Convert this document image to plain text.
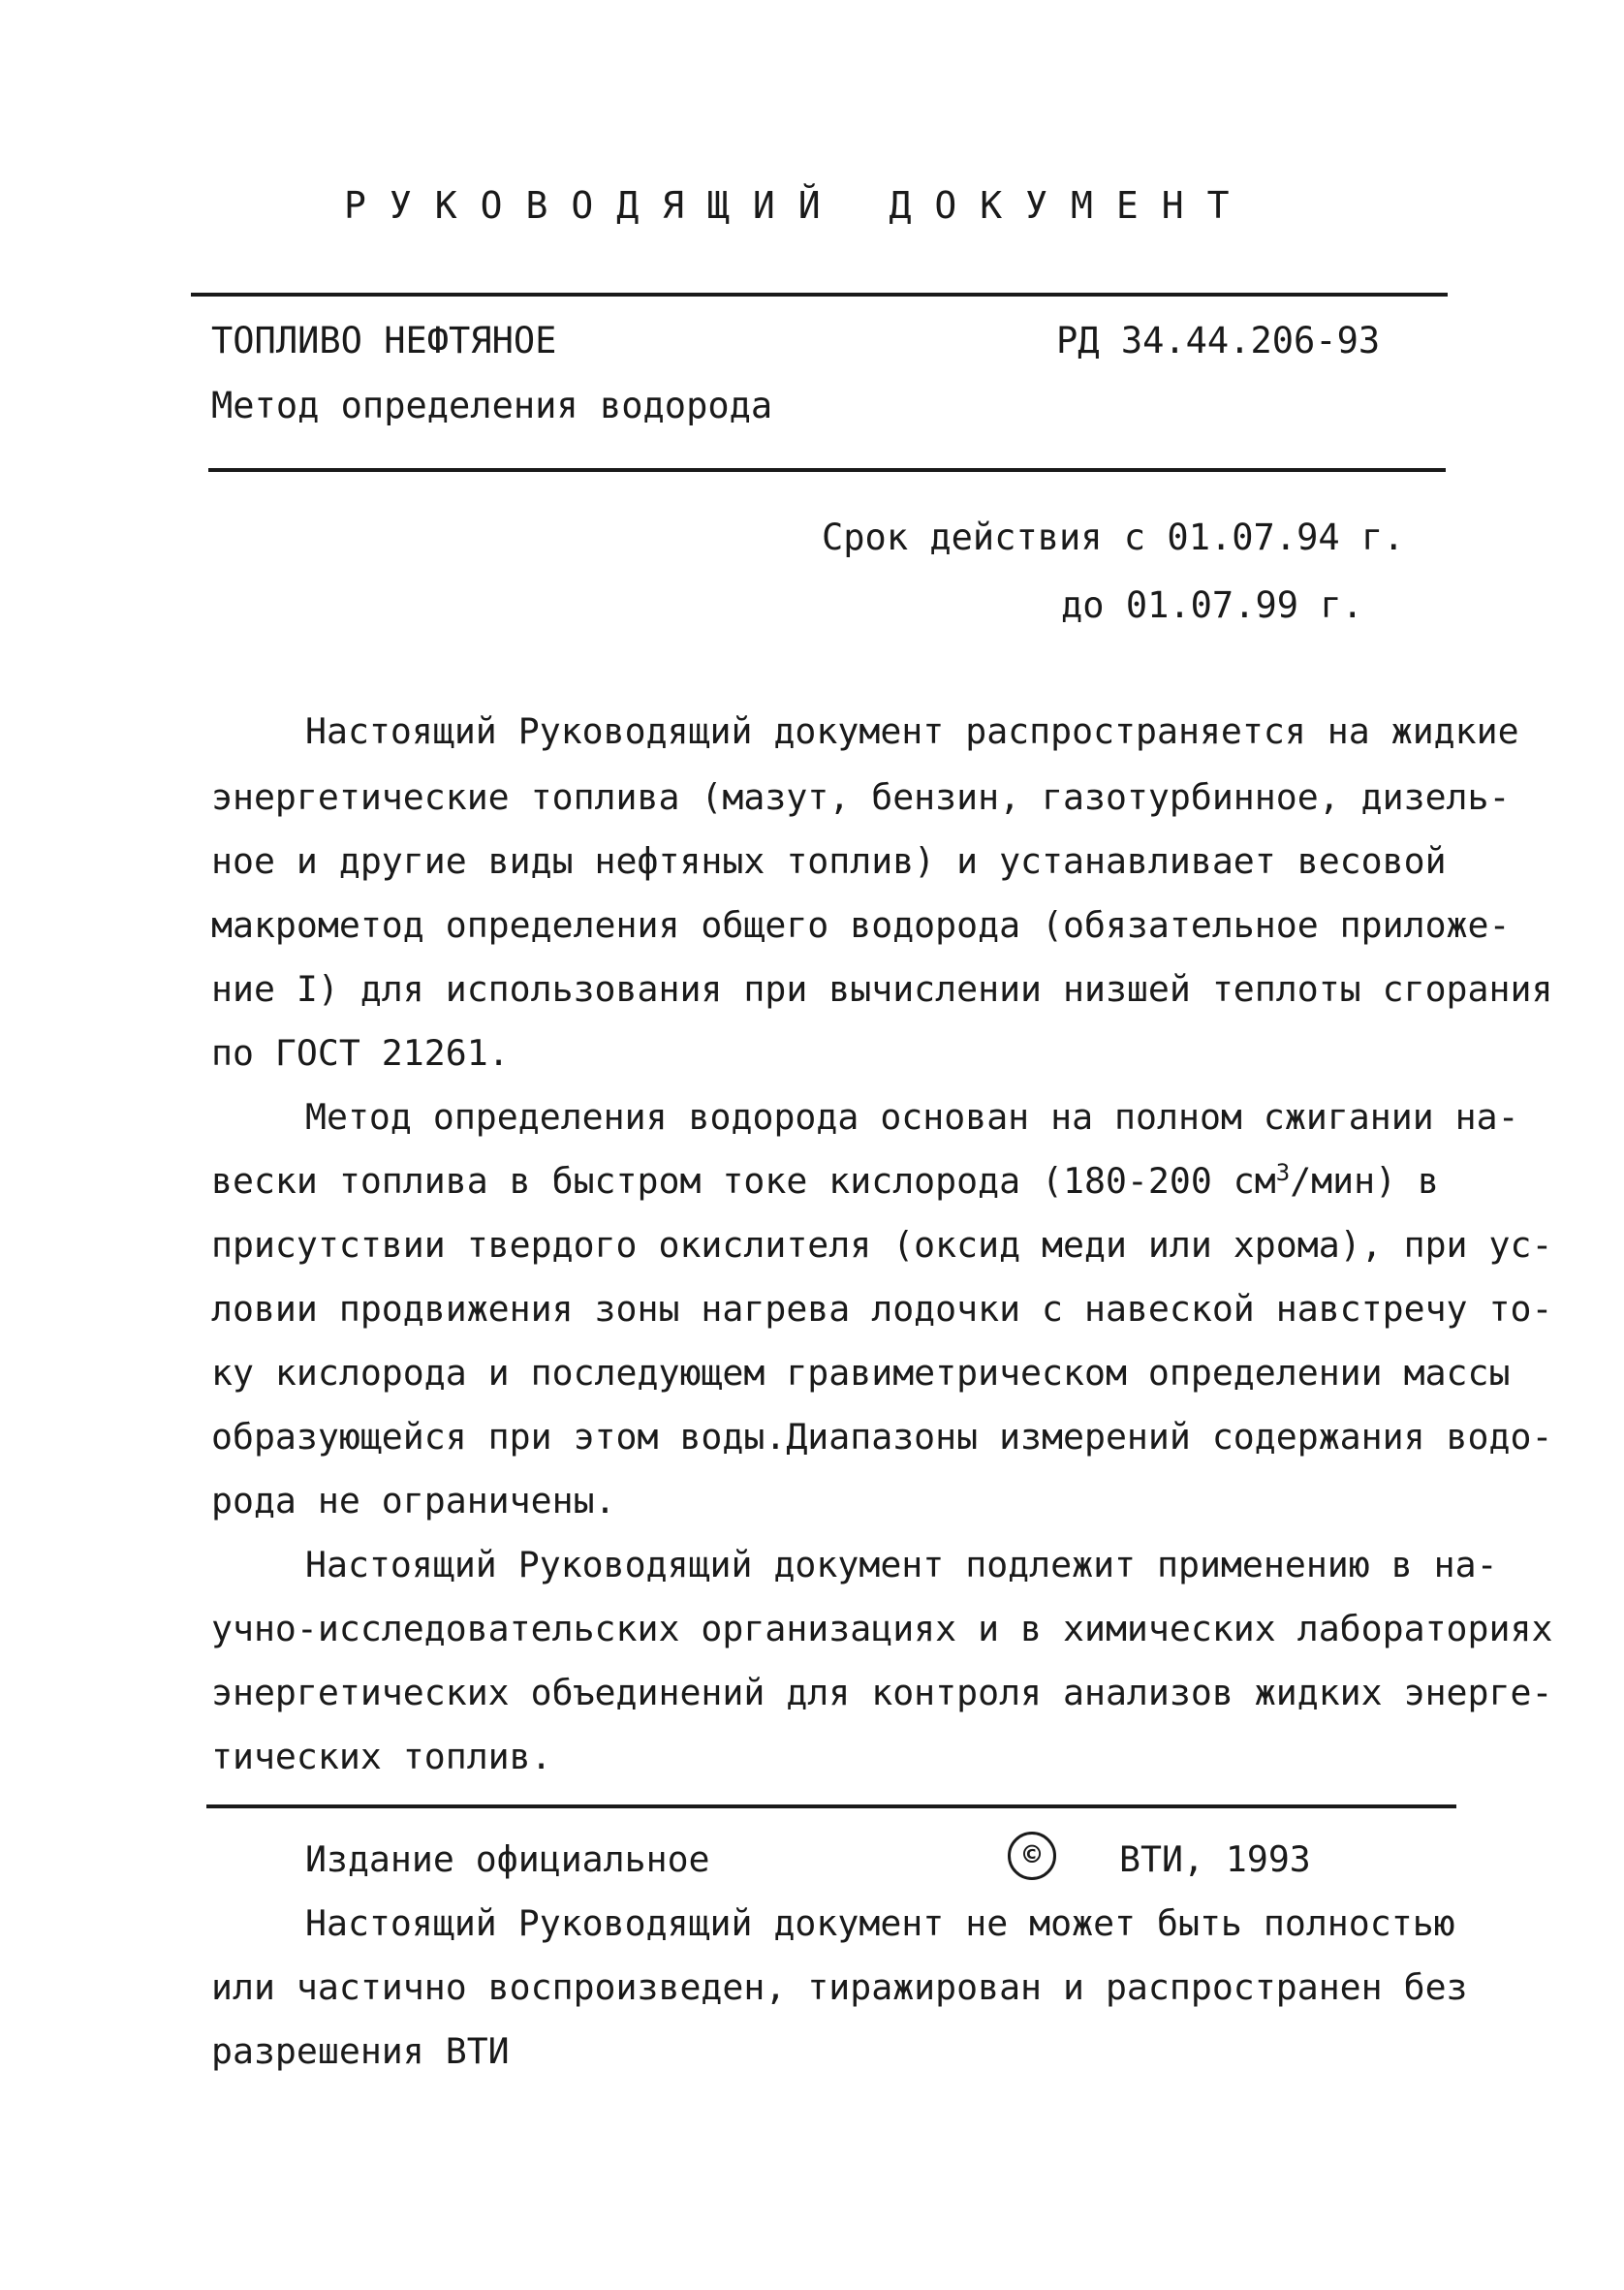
РУКОВОДЯЩИЙ ДОКУМЕНТ
ТОПЛИВО НЕФТЯНОЕ	РД 34.44.206-93
Метод определения водорода
Срок действия с 01.07.94 г.
до 01.07.99 г.
Настоящий Руководящий документ распространяется на жидкие
энергетические топлива (мазут, бензин, газотурбинное, дизель-
ное и другие виды нефтяных топлив) и устанавливает весовой
макрометод определения общего водорода (обязательное приложе-
ние I) для использования при вычислении низшей теплоты сгорания
по ГОСТ 21261.
Метод определения водорода основан на полном сжигании на-
вески топлива в быстром токе кислорода (180-200 $см^3/мин$) в
присутствии твердого окислителя (оксид меди или хрома), при ус-
ловии продвижения зоны нагрева лодочки с навеской навстречу то-
ку кислорода и последующем гравиметрическом определении массы
образующейся при этом воды.Диапазоны измерений содержания водо-
рода не ограничены.
Настоящий Руководящий документ подлежит применению в на-
учно-исследовательских организациях и в химических лабораториях
энергетических объединений для контроля анализов жидких энерге-
тических топлив.
Издание официальное	©	ВТИ, 1993
Настоящий Руководящий документ не может быть полностью
или частично воспроизведен, тиражирован и распространен без
разрешения ВТИ
